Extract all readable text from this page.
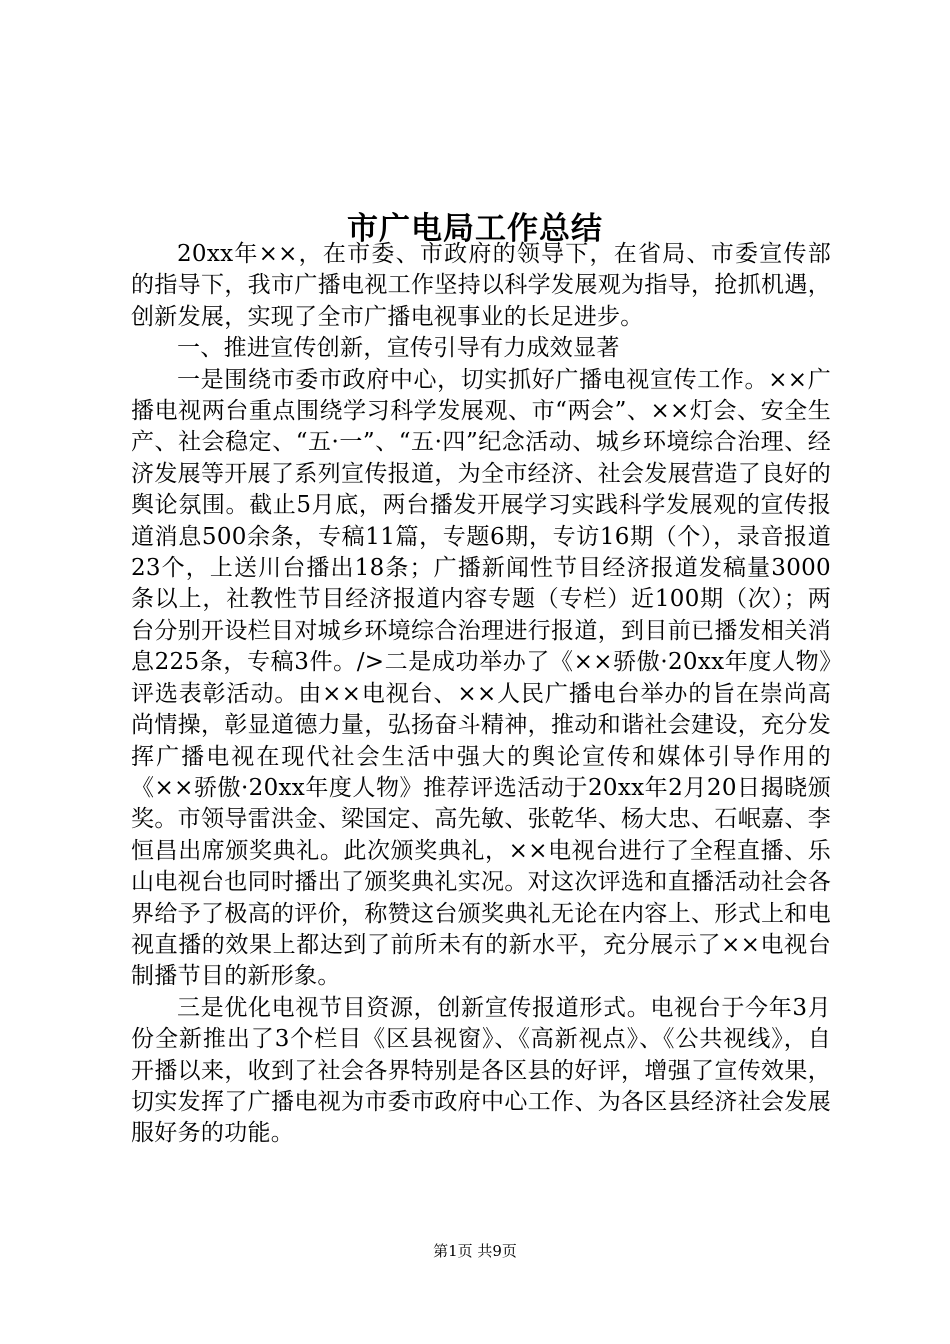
市广电局工作总结

20xx年××，在市委、市政府的领导下，在省局、市委宣传部的指导下，我市广播电视工作坚持以科学发展观为指导，抢抓机遇，创新发展，实现了全市广播电视事业的长足进步。

一、推进宣传创新，宣传引导有力成效显著

一是围绕市委市政府中心，切实抓好广播电视宣传工作。××广播电视两台重点围绕学习科学发展观、市“两会”、××灯会、安全生产、社会稳定、“五·一”、“五·四”纪念活动、城乡环境综合治理、经济发展等开展了系列宣传报道，为全市经济、社会发展营造了良好的舆论氛围。截止5月底，两台播发开展学习实践科学发展观的宣传报道消息500余条，专稿11篇，专题6期，专访16期（个），录音报道23个，上送川台播出18条；广播新闻性节目经济报道发稿量3000条以上，社教性节目经济报道内容专题（专栏）近100期（次）；两台分别开设栏目对城乡环境综合治理进行报道，到目前已播发相关消息225条，专稿3件。/>二是成功举办了《××骄傲·20xx年度人物》评选表彰活动。由××电视台、××人民广播电台举办的旨在崇尚高尚情操，彰显道德力量，弘扬奋斗精神，推动和谐社会建设，充分发挥广播电视在现代社会生活中强大的舆论宣传和媒体引导作用的《××骄傲·20xx年度人物》推荐评选活动于20xx年2月20日揭晓颁奖。市领导雷洪金、梁国定、高先敏、张乾华、杨大忠、石岷嘉、李恒昌出席颁奖典礼。此次颁奖典礼，××电视台进行了全程直播、乐山电视台也同时播出了颁奖典礼实况。对这次评选和直播活动社会各界给予了极高的评价，称赞这台颁奖典礼无论在内容上、形式上和电视直播的效果上都达到了前所未有的新水平，充分展示了××电视台制播节目的新形象。

三是优化电视节目资源，创新宣传报道形式。电视台于今年3月份全新推出了3个栏目《区县视窗》、《高新视点》、《公共视线》，自开播以来，收到了社会各界特别是各区县的好评，增强了宣传效果，切实发挥了广播电视为市委市政府中心工作、为各区县经济社会发展服好务的功能。

第1页 共9页
